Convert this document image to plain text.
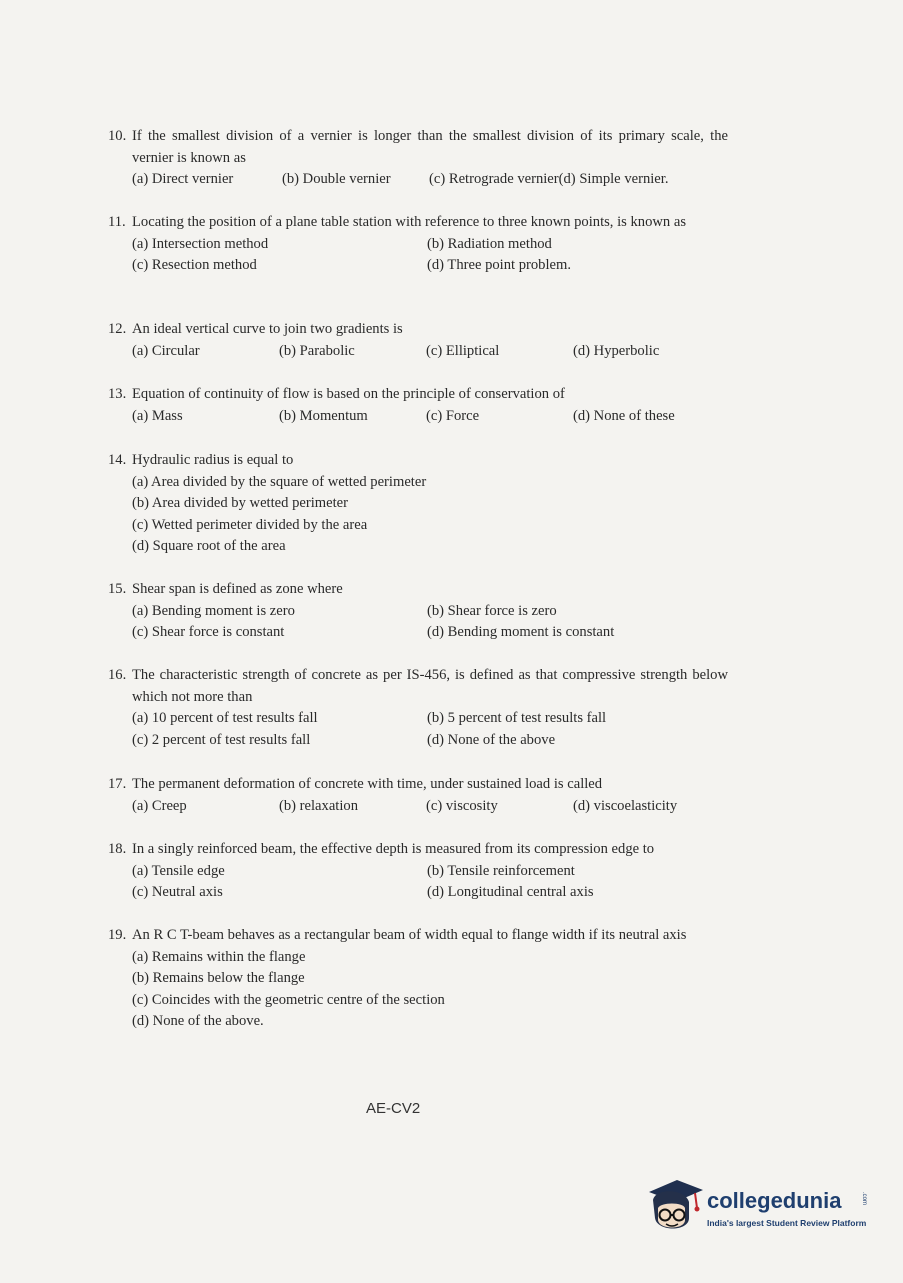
10. If the smallest division of a vernier is longer than the smallest division of its primary scale, the vernier is known as
(a) Direct vernier	(b) Double vernier	(c) Retrograde vernier(d) Simple vernier.
11. Locating the position of a plane table station with reference to three known points, is known as
(a) Intersection method	(b) Radiation method
(c) Resection method	(d) Three point problem.
12. An ideal vertical curve to join two gradients is
(a) Circular	(b) Parabolic	(c) Elliptical	(d) Hyperbolic
13. Equation of continuity of flow is based on the principle of conservation of
(a) Mass	(b) Momentum	(c) Force	(d) None of these
14. Hydraulic radius is equal to
(a) Area divided by the square of wetted perimeter
(b) Area divided by wetted perimeter
(c) Wetted perimeter divided by the area
(d) Square root of the area
15. Shear span is defined as zone where
(a) Bending moment is zero	(b) Shear force is zero
(c) Shear force is constant	(d) Bending moment is constant
16. The characteristic strength of concrete as per IS-456, is defined as that compressive strength below which not more than
(a) 10 percent of test results fall	(b) 5 percent of test results fall
(c) 2 percent of test results fall	(d) None of the above
17. The permanent deformation of concrete with time, under sustained load is called
(a) Creep	(b) relaxation	(c) viscosity	(d) viscoelasticity
18. In a singly reinforced beam, the effective depth is measured from its compression edge to
(a) Tensile edge	(b) Tensile reinforcement
(c) Neutral axis	(d) Longitudinal central axis
19. An R C T-beam behaves as a rectangular beam of width equal to flange width if its neutral axis
(a) Remains within the flange
(b) Remains below the flange
(c) Coincides with the geometric centre of the section
(d) None of the above.
AE-CV2
collegedunia	.com
India's largest Student Review Platform
